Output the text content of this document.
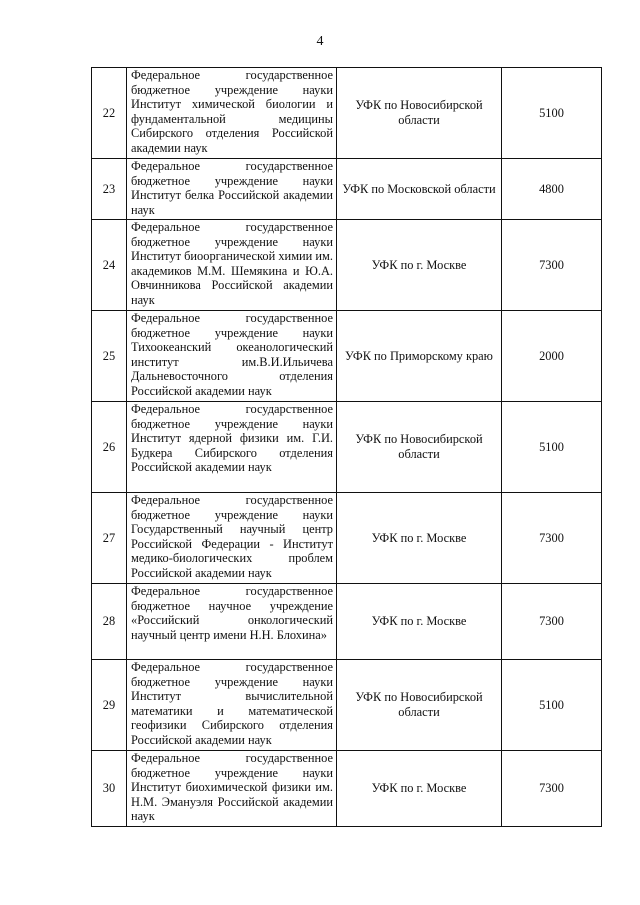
4
22	Федеральное государственное бюджетное учреждение науки Институт химической биологии и фундаментальной медицины Сибирского отделения Российской академии наук	УФК по Новосибирской области	5100
23	Федеральное государственное бюджетное учреждение науки Институт белка Российской академии наук	УФК по Московской области	4800
24	Федеральное государственное бюджетное учреждение науки Институт биоорганической химии им. академиков М.М. Шемякина и Ю.А. Овчинникова Российской академии наук	УФК по г. Москве	7300
25	Федеральное государственное бюджетное учреждение науки Тихоокеанский океанологический институт им.В.И.Ильичева Дальневосточного отделения Российской академии наук	УФК по Приморскому краю	2000
26	Федеральное государственное бюджетное учреждение науки Институт ядерной физики им. Г.И. Будкера Сибирского отделения Российской академии наук	УФК по Новосибирской области	5100
27	Федеральное государственное бюджетное учреждение науки Государственный научный центр Российской Федерации - Институт медико-биологических проблем Российской академии наук	УФК по г. Москве	7300
28	Федеральное государственное бюджетное научное учреждение «Российский онкологический научный центр имени Н.Н. Блохина»	УФК по г. Москве	7300
29	Федеральное государственное бюджетное учреждение науки Институт вычислительной математики и математической геофизики Сибирского отделения Российской академии наук	УФК по Новосибирской области	5100
30	Федеральное государственное бюджетное учреждение науки Институт биохимической физики им. Н.М. Эмануэля Российской академии наук	УФК по г. Москве	7300
